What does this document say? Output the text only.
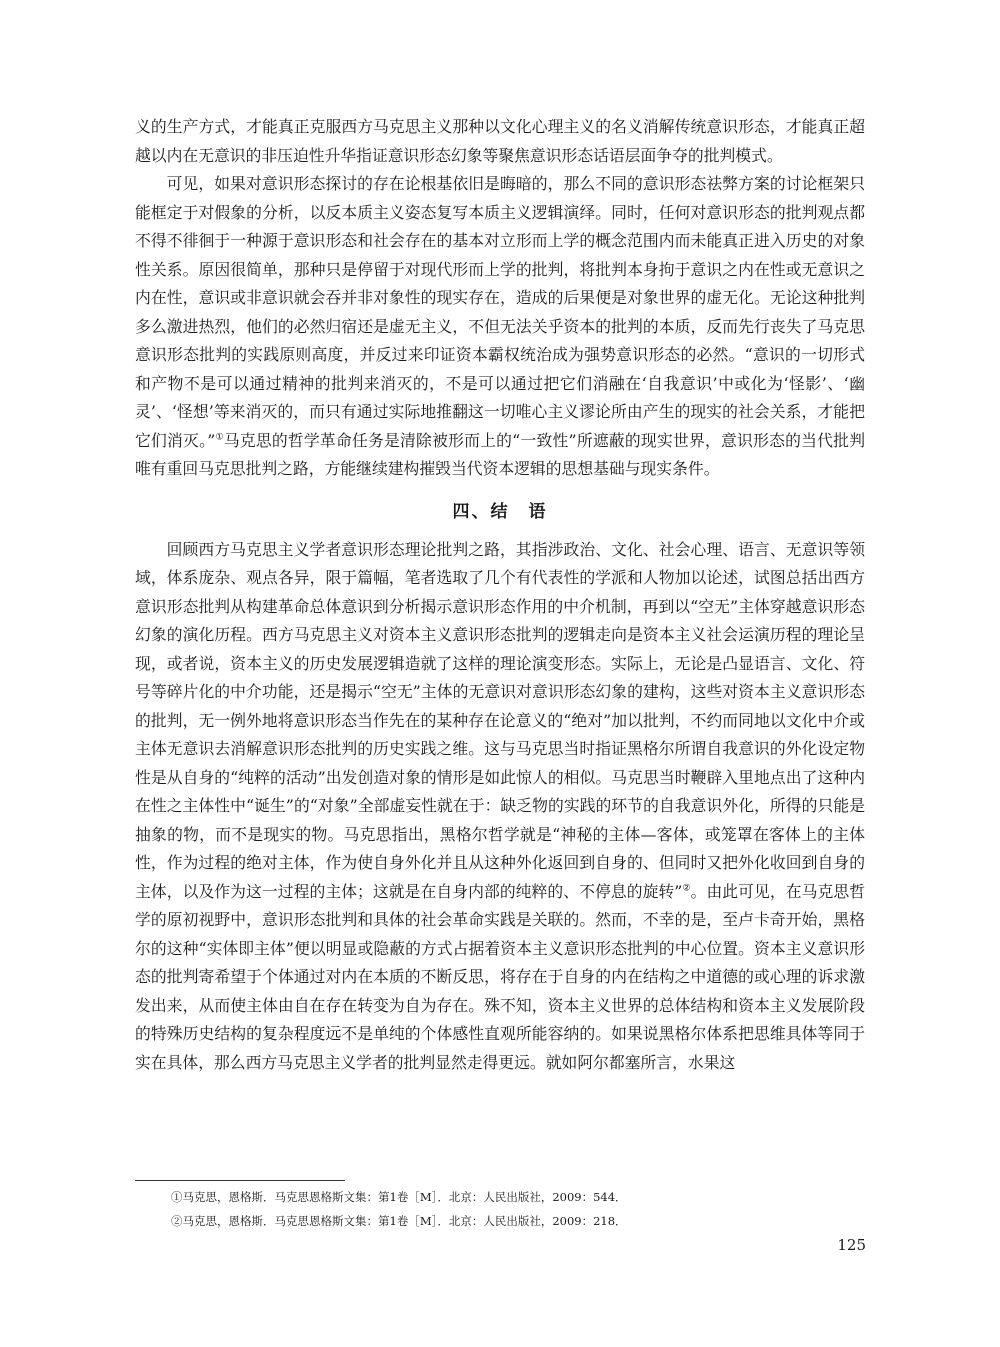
义的生产方式，才能真正克服西方马克思主义那种以文化心理主义的名义消解传统意识形态，才能真正超越以内在无意识的非压迫性升华指证意识形态幻象等聚焦意识形态话语层面争夺的批判模式。

可见，如果对意识形态探讨的存在论根基依旧是晦暗的，那么不同的意识形态祛弊方案的讨论框架只能框定于对假象的分析，以反本质主义姿态复写本质主义逻辑演绎。同时，任何对意识形态的批判观点都不得不徘徊于一种源于意识形态和社会存在的基本对立形而上学的概念范围内而未能真正进入历史的对象性关系。原因很简单，那种只是停留于对现代形而上学的批判，将批判本身拘于意识之内在性或无意识之内在性，意识或非意识就会吞并非对象性的现实存在，造成的后果便是对象世界的虚无化。无论这种批判多么激进热烈，他们的必然归宿还是虚无主义，不但无法关乎资本的批判的本质，反而先行丧失了马克思意识形态批判的实践原则高度，并反过来印证资本霸权统治成为强势意识形态的必然。“意识的一切形式和产物不是可以通过精神的批判来消灭的，不是可以通过把它们消融在‘自我意识’中或化为‘怪影’、‘幽灵’、‘怪想’等来消灭的，而只有通过实际地推翻这一切唯心主义谬论所由产生的现实的社会关系，才能把它们消灭。”①马克思的哲学革命任务是清除被形而上的“一致性”所遮蔽的现实世界，意识形态的当代批判唯有重回马克思批判之路，方能继续建构摧毁当代资本逻辑的思想基础与现实条件。

四、结　语

回顾西方马克思主义学者意识形态理论批判之路，其指涉政治、文化、社会心理、语言、无意识等领域，体系庞杂、观点各异，限于篇幅，笔者选取了几个有代表性的学派和人物加以论述，试图总括出西方意识形态批判从构建革命总体意识到分析揭示意识形态作用的中介机制，再到以“空无”主体穿越意识形态幻象的演化历程。西方马克思主义对资本主义意识形态批判的逻辑走向是资本主义社会运演历程的理论呈现，或者说，资本主义的历史发展逻辑造就了这样的理论演变形态。实际上，无论是凸显语言、文化、符号等碎片化的中介功能，还是揭示“空无”主体的无意识对意识形态幻象的建构，这些对资本主义意识形态的批判，无一例外地将意识形态当作先在的某种存在论意义的“绝对”加以批判，不约而同地以文化中介或主体无意识去消解意识形态批判的历史实践之维。这与马克思当时指证黑格尔所谓自我意识的外化设定物性是从自身的“纯粹的活动”出发创造对象的情形是如此惊人的相似。马克思当时鞭辟入里地点出了这种内在性之主体性中“诞生”的“对象”全部虚妄性就在于：缺乏物的实践的环节的自我意识外化，所得的只能是抽象的物，而不是现实的物。马克思指出，黑格尔哲学就是“神秘的主体—客体，或笼罩在客体上的主体性，作为过程的绝对主体，作为使自身外化并且从这种外化返回到自身的、但同时又把外化收回到自身的主体，以及作为这一过程的主体；这就是在自身内部的纯粹的、不停息的旋转”②。由此可见，在马克思哲学的原初视野中，意识形态批判和具体的社会革命实践是关联的。然而，不幸的是，至卢卡奇开始，黑格尔的这种“实体即主体”便以明显或隐蔽的方式占据着资本主义意识形态批判的中心位置。资本主义意识形态的批判寄希望于个体通过对内在本质的不断反思，将存在于自身的内在结构之中道德的或心理的诉求激发出来，从而使主体由自在存在转变为自为存在。殊不知，资本主义世界的总体结构和资本主义发展阶段的特殊历史结构的复杂程度远不是单纯的个体感性直观所能容纳的。如果说黑格尔体系把思维具体等同于实在具体，那么西方马克思主义学者的批判显然走得更远。就如阿尔都塞所言，水果这

①马克思，恩格斯．马克思恩格斯文集：第1卷［M］．北京：人民出版社，2009：544．

②马克思，恩格斯．马克思恩格斯文集：第1卷［M］．北京：人民出版社，2009：218．

125
